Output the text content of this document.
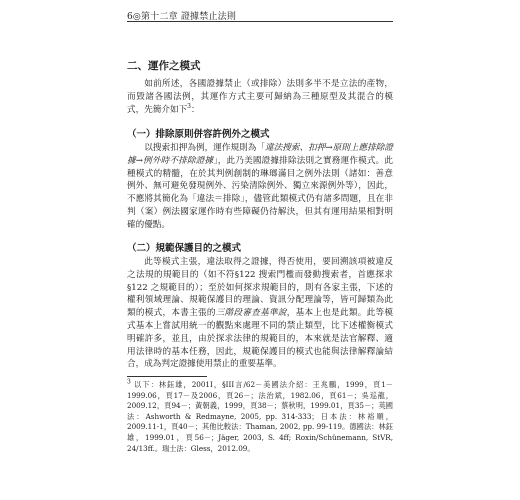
6◎第十二章 證據禁止法則
二、運作之模式

如前所述，各國證據禁止（或排除）法則多半不是立法的產物，而毀諸各國法例，其運作方式主要可歸納為三種原型及其混合的模式，先簡介如下$^3$：

（一）排除原則併容許例外之模式

以搜索扣押為例，運作規則為「違法搜索、扣押→原則上應排除證據→例外時不排除證據」，此乃美國證據排除法則之實務運作模式。此種模式的精髓，在於其判例創制的琳瑯滿目之例外法則（諸如：善意例外、無可避免發現例外、污染清除例外、獨立來源例外等），因此，不應將其簡化為「違法＝排除」，儘管此類模式仍有諸多問題，且在非判（案）例法國家運作時有些障礙仍待解決，但其有運用結果相對明確的優點。

（二）規範保護目的之模式

此等模式主張，違法取得之證據，得否使用，要回溯該項被違反之法規的規範目的（如不符§122 搜索門檻而發動搜索者，首應探求§122 之規範目的）；至於如何探求規範目的，則有各家主張，下述的權利領域理論、規範保護目的理論、資訊分配理論等，皆可歸類為此類的模式，本書主張的三階段審查基準說，基本上也是此類。此等模式基本上嘗試用統一的觀點來處理不同的禁止類型，比下述權衡模式明確許多，並且，由於探求法律的規範目的，本來就是法官解釋、適用法律時的基本任務，因此，規範保護目的模式也能與法律解釋論結合，成為判定證據使用禁止的重要基準。

$^3$ 以下：林鈺雄，2001I，§III言/62－美國法介紹：王兆鵬，1999，頁1－1999.06，頁17－及2006，頁26－；法治斌，1982.06，頁61－；吳巡龍，2009.12，頁94－；黃朝義，1999，頁38－；蔡秋明，1999.01，頁35－；英國法：Ashworth & Redmayne, 2005, pp. 314-333；日本法：林裕順，2009.11-1，頁40－；其他比較法：Thaman, 2002, pp. 99-119。德國法：林鈺雄，1999.01，頁56－；Jäger, 2003, S. 4ff; Roxin/Schünemann, StVR, 24/13ff.。瑞士法：Gless，2012.09。
